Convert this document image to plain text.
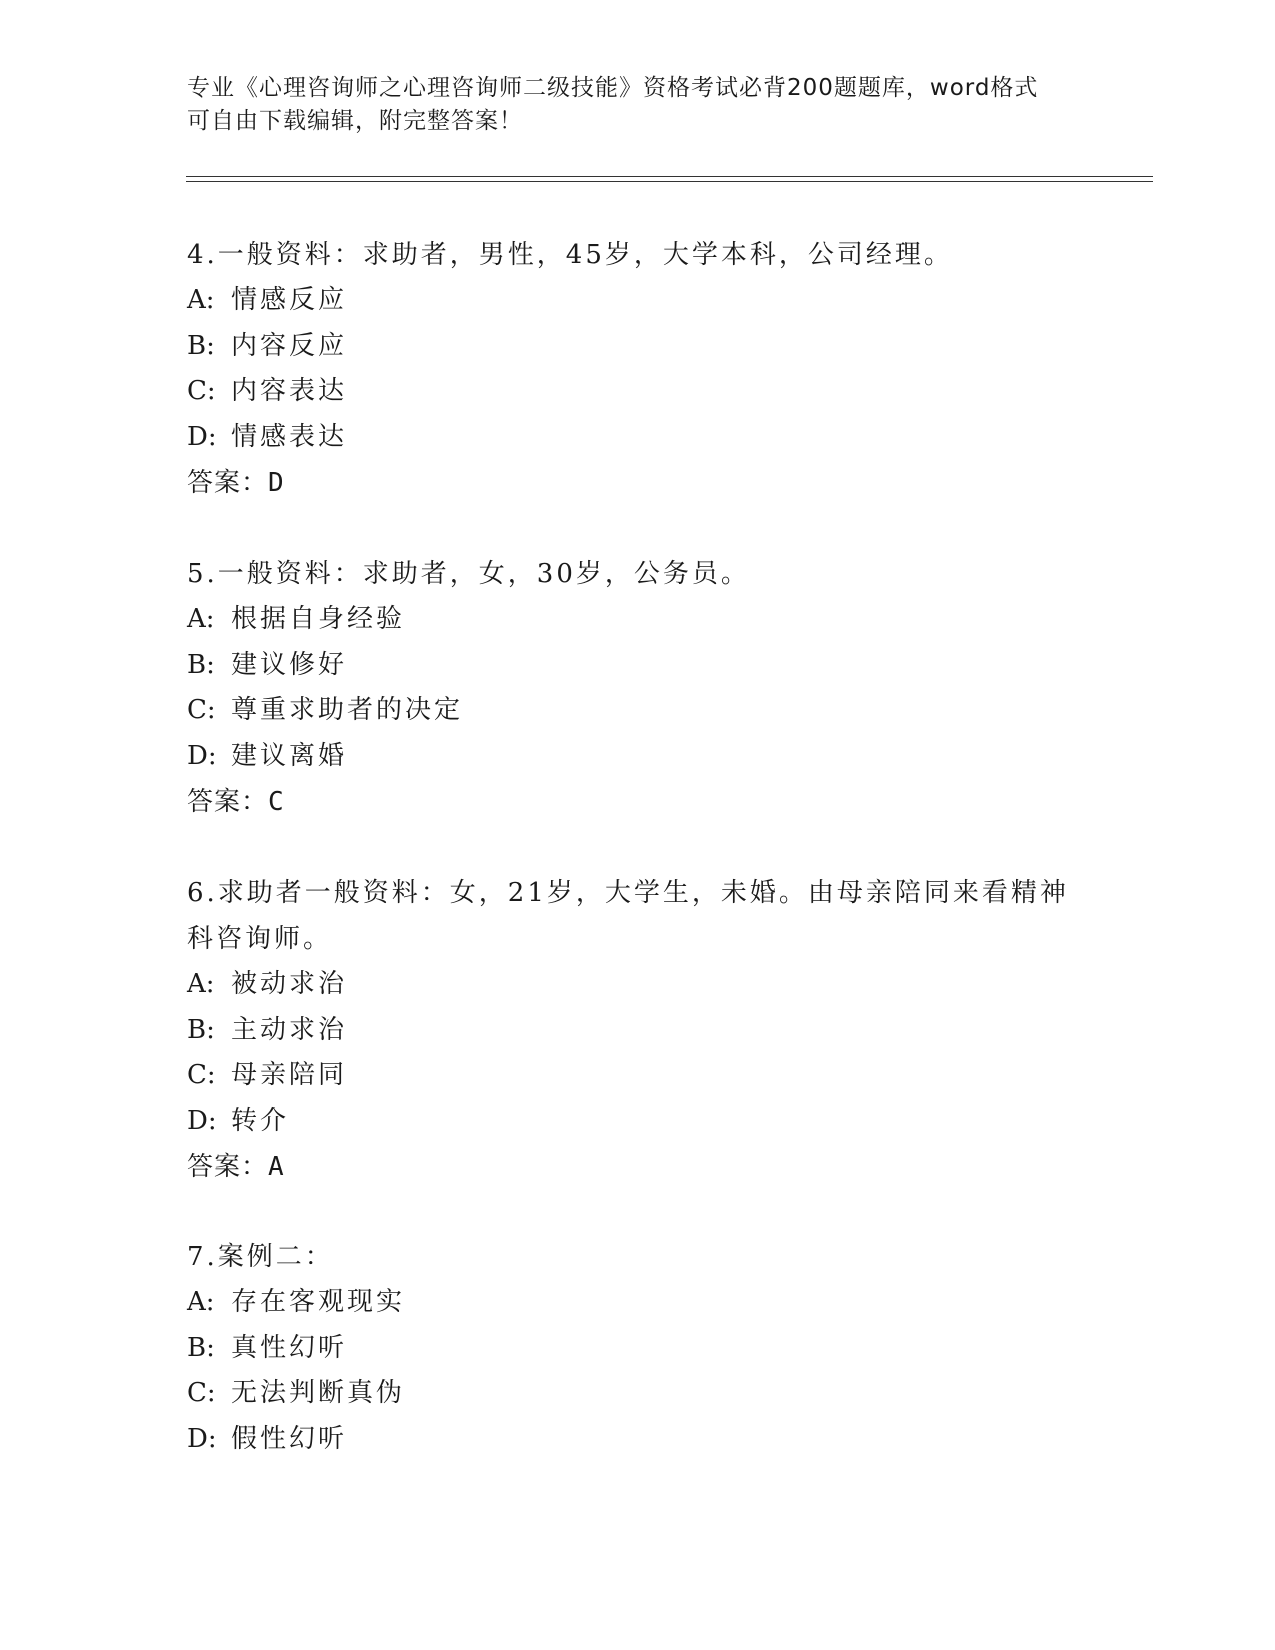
专业《心理咨询师之心理咨询师二级技能》资格考试必背200题题库，word格式

可自由下载编辑，附完整答案！

4.一般资料：求助者，男性，45岁，大学本科，公司经理。

A: 情感反应

B: 内容反应

C: 内容表达

D: 情感表达

答案：D

5.一般资料：求助者，女，30岁，公务员。

A: 根据自身经验

B: 建议修好

C: 尊重求助者的决定

D: 建议离婚

答案：C

6.求助者一般资料：女，21岁，大学生，未婚。由母亲陪同来看精神科咨询师。

A: 被动求治

B: 主动求治

C: 母亲陪同

D: 转介

答案：A

7.案例二：

A: 存在客观现实

B: 真性幻听

C: 无法判断真伪

D: 假性幻听
